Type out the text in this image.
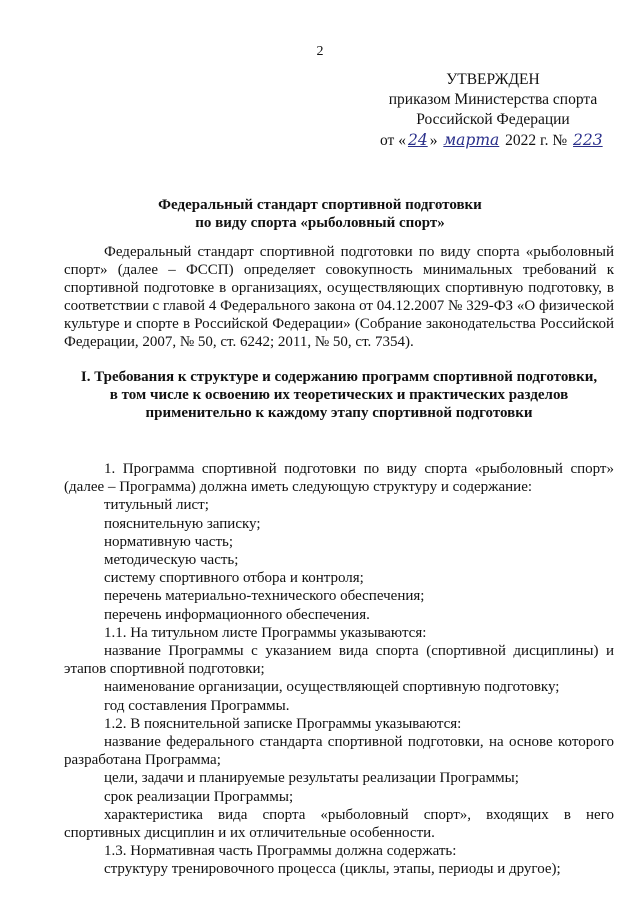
2
УТВЕРЖДЕН
приказом Министерства спорта
Российской Федерации
от « 24 » марта 2022 г. № 223
Федеральный стандарт спортивной подготовки
по виду спорта «рыболовный спорт»

Федеральный стандарт спортивной подготовки по виду спорта «рыболовный спорт» (далее – ФССП) определяет совокупность минимальных требований к спортивной подготовке в организациях, осуществляющих спортивную подготовку, в соответствии с главой 4 Федерального закона от 04.12.2007 № 329-ФЗ «О физической культуре и спорте в Российской Федерации» (Собрание законодательства Российской Федерации, 2007, № 50, ст. 6242; 2011, № 50, ст. 7354).

I. Требования к структуре и содержанию программ спортивной подготовки,
в том числе к освоению их теоретических и практических разделов
применительно к каждому этапу спортивной подготовки

1. Программа спортивной подготовки по виду спорта «рыболовный спорт» (далее – Программа) должна иметь следующую структуру и содержание:

титульный лист;

пояснительную записку;

нормативную часть;

методическую часть;

систему спортивного отбора и контроля;

перечень материально-технического обеспечения;

перечень информационного обеспечения.

1.1. На титульном листе Программы указываются:

название Программы с указанием вида спорта (спортивной дисциплины) и этапов спортивной подготовки;

наименование организации, осуществляющей спортивную подготовку;

год составления Программы.

1.2. В пояснительной записке Программы указываются:

название федерального стандарта спортивной подготовки, на основе которого разработана Программа;

цели, задачи и планируемые результаты реализации Программы;

срок реализации Программы;

характеристика вида спорта «рыболовный спорт», входящих в него спортивных дисциплин и их отличительные особенности.

1.3. Нормативная часть Программы должна содержать:

структуру тренировочного процесса (циклы, этапы, периоды и другое);
